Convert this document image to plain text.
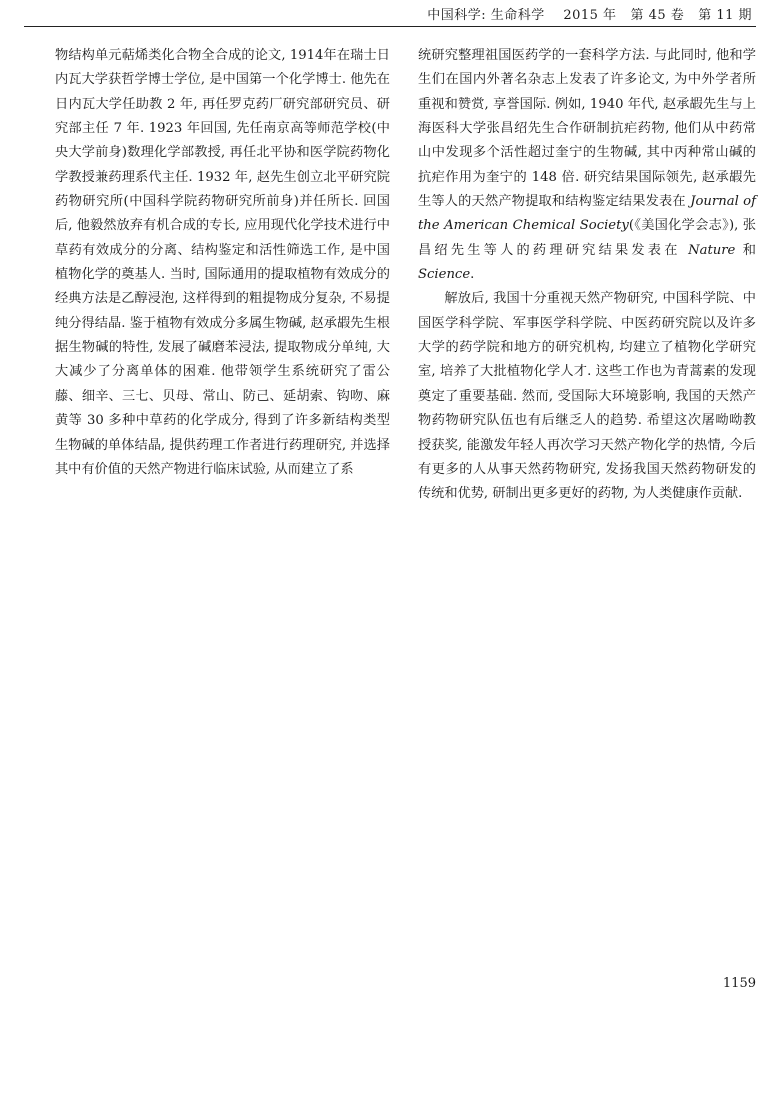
中国科学: 生命科学 2015 年 第 45 卷 第 11 期

物结构单元萜烯类化合物全合成的论文, 1914年在瑞士日内瓦大学获哲学博士学位, 是中国第一个化学博士. 他先在日内瓦大学任助教 2 年, 再任罗克药厂研究部研究员、研究部主任 7 年. 1923 年回国, 先任南京高等师范学校(中央大学前身)数理化学部教授, 再任北平协和医学院药物化学教授兼药理系代主任. 1932 年, 赵先生创立北平研究院药物研究所(中国科学院药物研究所前身)并任所长. 回国后, 他毅然放弃有机合成的专长, 应用现代化学技术进行中草药有效成分的分离、结构鉴定和活性筛选工作, 是中国植物化学的奠基人. 当时, 国际通用的提取植物有效成分的经典方法是乙醇浸泡, 这样得到的粗提物成分复杂, 不易提纯分得结晶. 鉴于植物有效成分多属生物碱, 赵承嘏先生根据生物碱的特性, 发展了碱磨苯浸法, 提取物成分单纯, 大大减少了分离单体的困难. 他带领学生系统研究了雷公藤、细辛、三七、贝母、常山、防己、延胡索、钩吻、麻黄等 30 多种中草药的化学成分, 得到了许多新结构类型生物碱的单体结晶, 提供药理工作者进行药理研究, 并选择其中有价值的天然产物进行临床试验, 从而建立了系

统研究整理祖国医药学的一套科学方法. 与此同时, 他和学生们在国内外著名杂志上发表了许多论文, 为中外学者所重视和赞赏, 享誉国际. 例如, 1940 年代, 赵承嘏先生与上海医科大学张昌绍先生合作研制抗疟药物, 他们从中药常山中发现多个活性超过奎宁的生物碱, 其中丙种常山碱的抗疟作用为奎宁的 148 倍. 研究结果国际领先, 赵承嘏先生等人的天然产物提取和结构鉴定结果发表在 Journal of the American Chemical Society(《美国化学会志》), 张昌绍先生等人的药理研究结果发表在 Nature 和 Science.

解放后, 我国十分重视天然产物研究, 中国科学院、中国医学科学院、军事医学科学院、中医药研究院以及许多大学的药学院和地方的研究机构, 均建立了植物化学研究室, 培养了大批植物化学人才. 这些工作也为青蒿素的发现奠定了重要基础. 然而, 受国际大环境影响, 我国的天然产物药物研究队伍也有后继乏人的趋势. 希望这次屠呦呦教授获奖, 能激发年轻人再次学习天然产物化学的热情, 今后有更多的人从事天然药物研究, 发扬我国天然药物研发的传统和优势, 研制出更多更好的药物, 为人类健康作贡献.

1159
